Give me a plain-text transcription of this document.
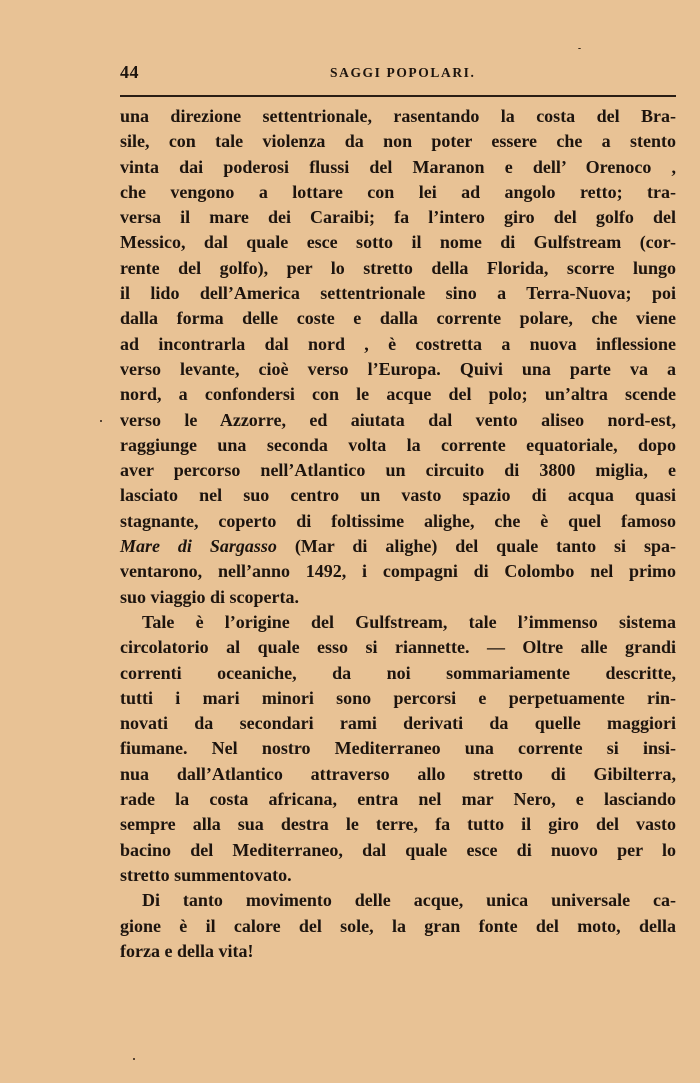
44	SAGGI POPOLARI.

una direzione settentrionale, rasentando la costa del Bra-
sile, con tale violenza da non poter essere che a stento
vinta dai poderosi flussi del Maranon e dell’ Orenoco ,
che vengono a lottare con lei ad angolo retto; tra-
versa il mare dei Caraibi; fa l’intero giro del golfo del
Messico, dal quale esce sotto il nome di Gulfstream (cor-
rente del golfo), per lo stretto della Florida, scorre lungo
il lido dell’America settentrionale sino a Terra-Nuova; poi
dalla forma delle coste e dalla corrente polare, che viene
ad incontrarla dal nord , è costretta a nuova inflessione
verso levante, cioè verso l’Europa. Quivi una parte va a
nord, a confondersi con le acque del polo; un’altra scende
verso le Azzorre, ed aiutata dal vento aliseo nord-est,
raggiunge una seconda volta la corrente equatoriale, dopo
aver percorso nell’Atlantico un circuito di 3800 miglia, e
lasciato nel suo centro un vasto spazio di acqua quasi
stagnante, coperto di foltissime alighe, che è quel famoso
Mare di Sargasso (Mar di alighe) del quale tanto si spa-
ventarono, nell’anno 1492, i compagni di Colombo nel primo
suo viaggio di scoperta.

Tale è l’origine del Gulfstream, tale l’immenso sistema
circolatorio al quale esso si riannette. — Oltre alle grandi
correnti oceaniche, da noi sommariamente descritte,
tutti i mari minori sono percorsi e perpetuamente rin-
novati da secondari rami derivati da quelle maggiori
fiumane. Nel nostro Mediterraneo una corrente si insi-
nua dall’Atlantico attraverso allo stretto di Gibilterra,
rade la costa africana, entra nel mar Nero, e lasciando
sempre alla sua destra le terre, fa tutto il giro del vasto
bacino del Mediterraneo, dal quale esce di nuovo per lo
stretto summentovato.

Di tanto movimento delle acque, unica universale ca-
gione è il calore del sole, la gran fonte del moto, della
forza e della vita!
